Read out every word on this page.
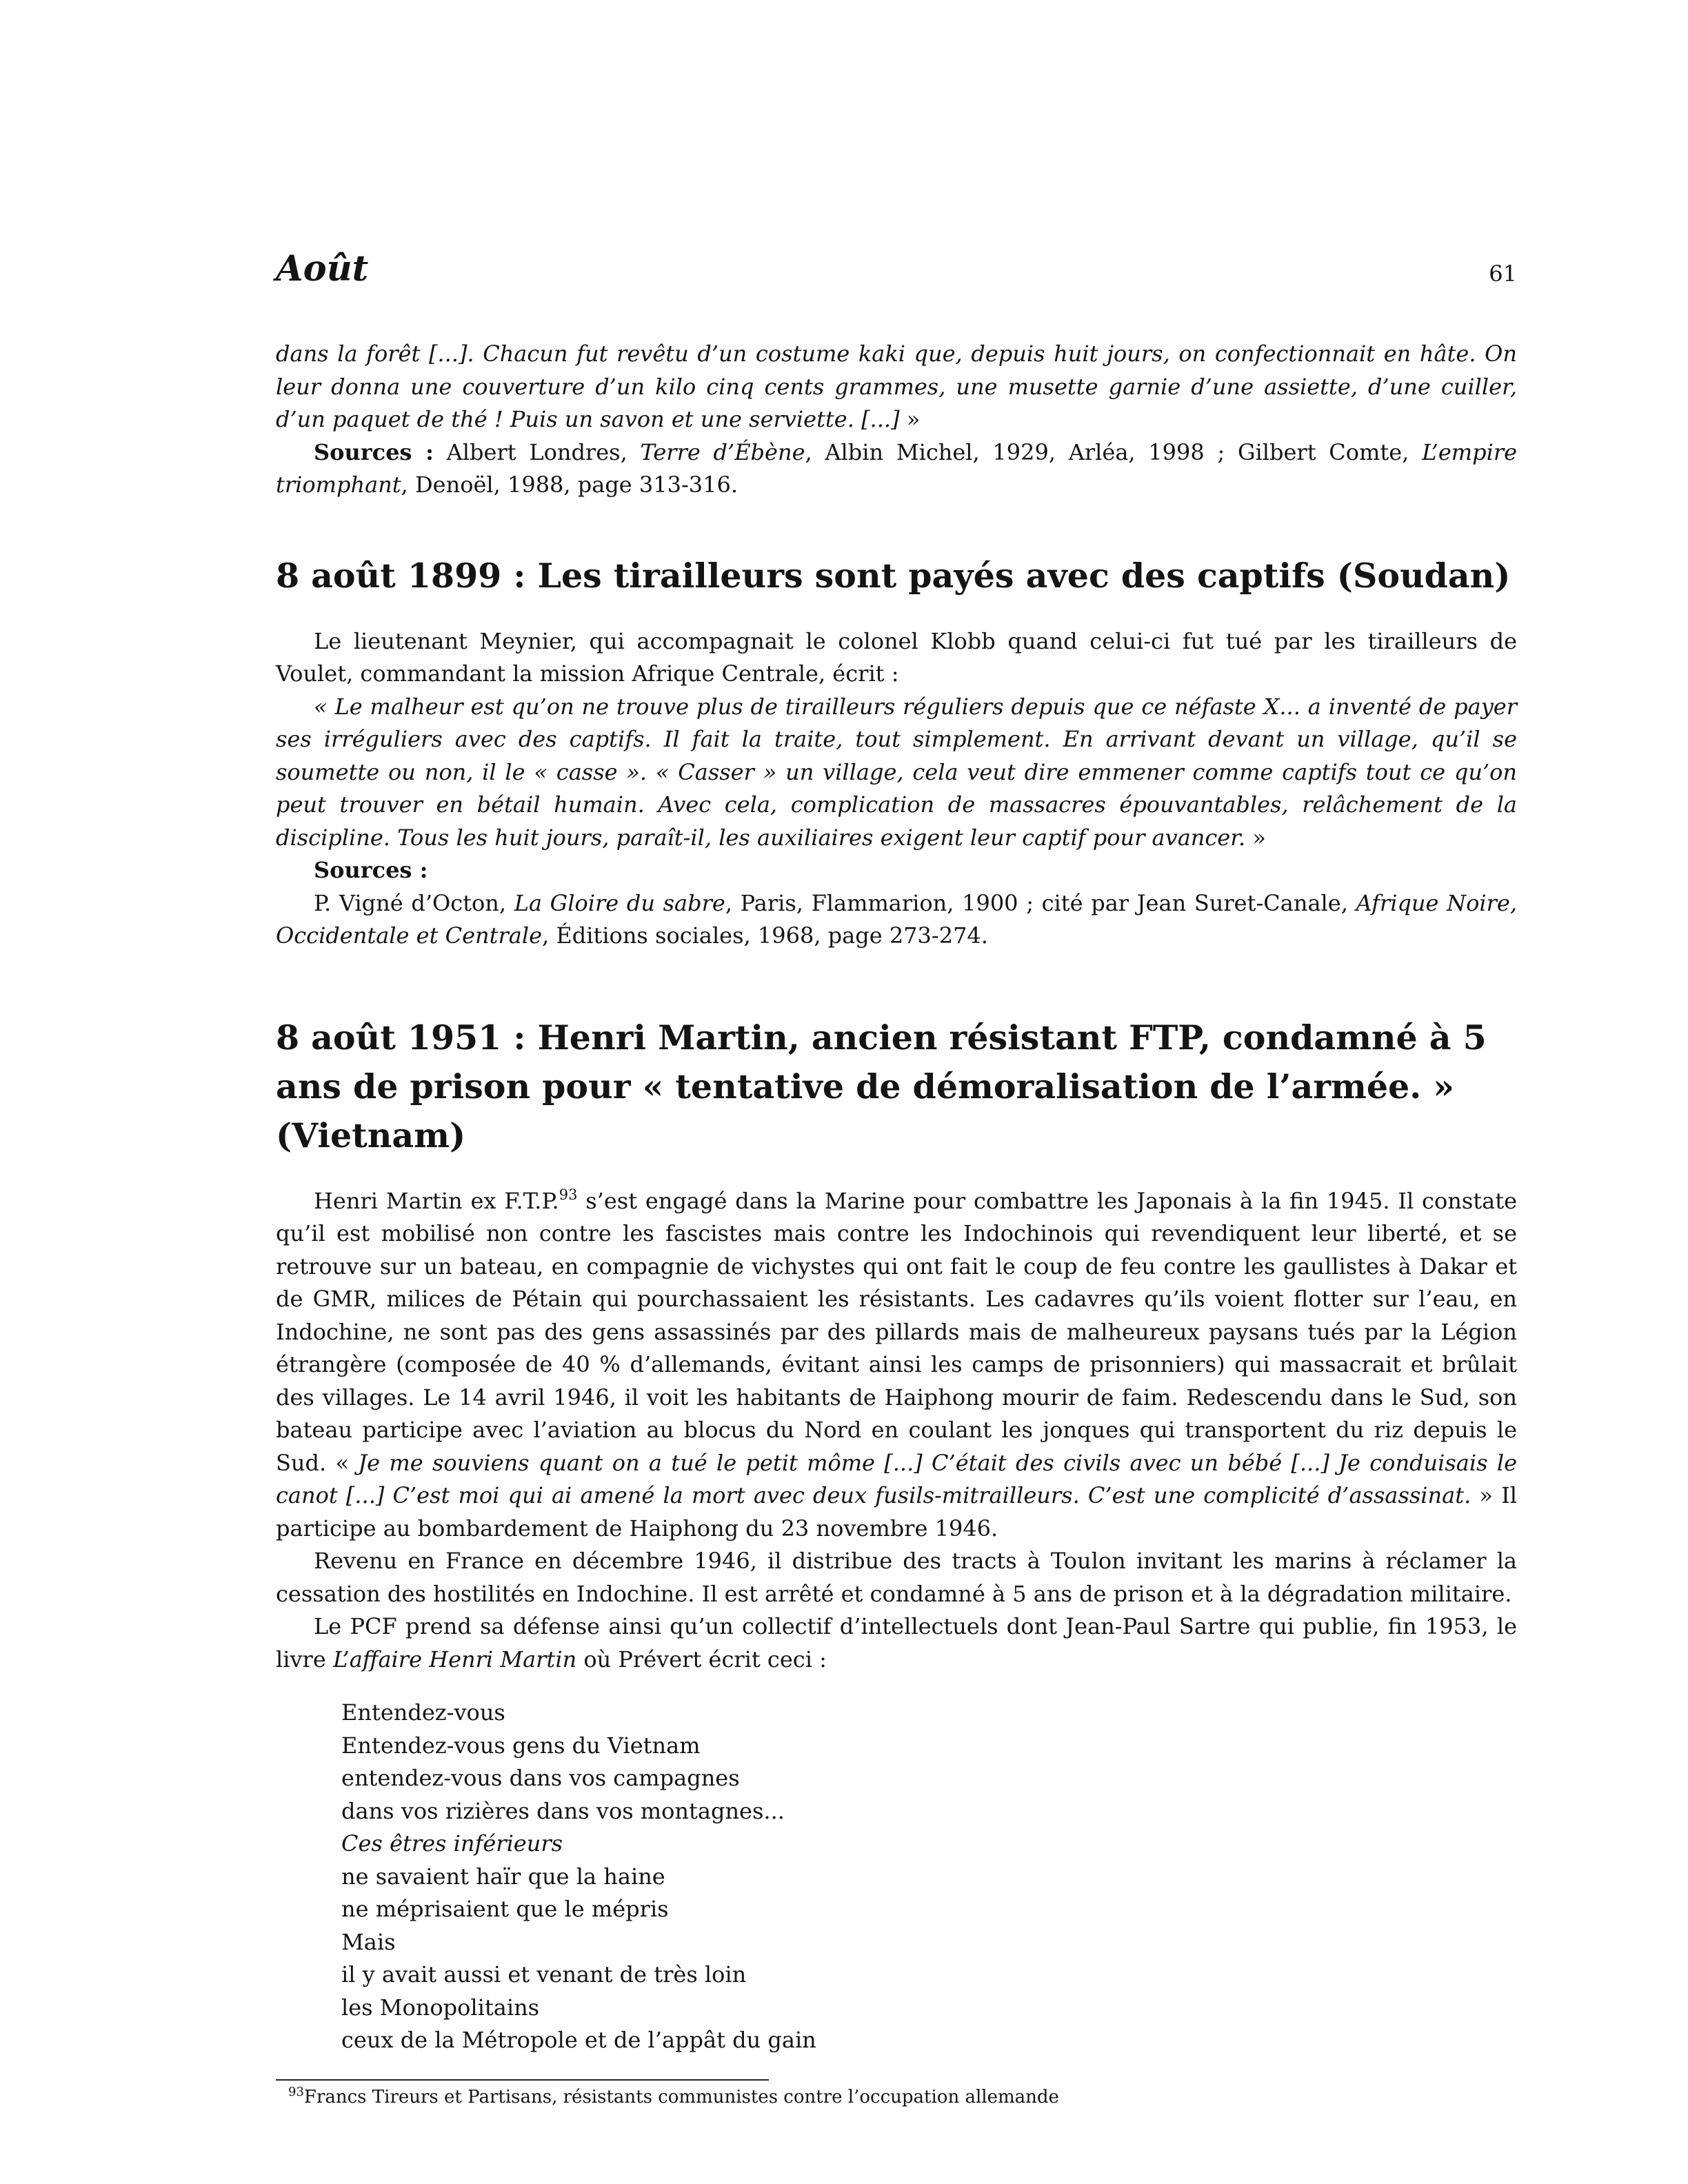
Août	61

dans la forêt [...]. Chacun fut revêtu d’un costume kaki que, depuis huit jours, on confectionnait en hâte. On leur donna une couverture d’un kilo cinq cents grammes, une musette garnie d’une assiette, d’une cuiller, d’un paquet de thé ! Puis un savon et une serviette. [...] »

Sources : Albert Londres, Terre d’Ébène, Albin Michel, 1929, Arléa, 1998 ; Gilbert Comte, L’empire triomphant, Denoël, 1988, page 313-316.

8 août 1899 : Les tirailleurs sont payés avec des captifs (Soudan)

Le lieutenant Meynier, qui accompagnait le colonel Klobb quand celui-ci fut tué par les tirailleurs de Voulet, commandant la mission Afrique Centrale, écrit :

« Le malheur est qu’on ne trouve plus de tirailleurs réguliers depuis que ce néfaste X... a inventé de payer ses irréguliers avec des captifs. Il fait la traite, tout simplement. En arrivant devant un village, qu’il se soumette ou non, il le « casse ». « Casser » un village, cela veut dire emmener comme captifs tout ce qu’on peut trouver en bétail humain. Avec cela, complication de massacres épouvantables, relâchement de la discipline. Tous les huit jours, paraît-il, les auxiliaires exigent leur captif pour avancer. »

Sources :

P. Vigné d’Octon, La Gloire du sabre, Paris, Flammarion, 1900 ; cité par Jean Suret-Canale, Afrique Noire, Occidentale et Centrale, Éditions sociales, 1968, page 273-274.

8 août 1951 : Henri Martin, ancien résistant FTP, condamné à 5 ans de prison pour « tentative de démoralisation de l’armée. » (Vietnam)

Henri Martin ex F.T.P.$^{93}$ s’est engagé dans la Marine pour combattre les Japonais à la fin 1945. Il constate qu’il est mobilisé non contre les fascistes mais contre les Indochinois qui revendiquent leur liberté, et se retrouve sur un bateau, en compagnie de vichystes qui ont fait le coup de feu contre les gaullistes à Dakar et de GMR, milices de Pétain qui pourchassaient les résistants. Les cadavres qu’ils voient flotter sur l’eau, en Indochine, ne sont pas des gens assassinés par des pillards mais de malheureux paysans tués par la Légion étrangère (composée de 40 % d’allemands, évitant ainsi les camps de prisonniers) qui massacrait et brûlait des villages. Le 14 avril 1946, il voit les habitants de Haiphong mourir de faim. Redescendu dans le Sud, son bateau participe avec l’aviation au blocus du Nord en coulant les jonques qui transportent du riz depuis le Sud. « Je me souviens quant on a tué le petit môme [...] C’était des civils avec un bébé [...] Je conduisais le canot [...] C’est moi qui ai amené la mort avec deux fusils-mitrailleurs. C’est une complicité d’assassinat. » Il participe au bombardement de Haiphong du 23 novembre 1946.

Revenu en France en décembre 1946, il distribue des tracts à Toulon invitant les marins à réclamer la cessation des hostilités en Indochine. Il est arrêté et condamné à 5 ans de prison et à la dégradation militaire.

Le PCF prend sa défense ainsi qu’un collectif d’intellectuels dont Jean-Paul Sartre qui publie, fin 1953, le livre L’affaire Henri Martin où Prévert écrit ceci :

Entendez-vous
Entendez-vous gens du Vietnam
entendez-vous dans vos campagnes
dans vos rizières dans vos montagnes...
Ces êtres inférieurs
ne savaient haïr que la haine
ne méprisaient que le mépris
Mais
il y avait aussi et venant de très loin
les Monopolitains
ceux de la Métropole et de l’appât du gain
$^{93}$Francs Tireurs et Partisans, résistants communistes contre l’occupation allemande
